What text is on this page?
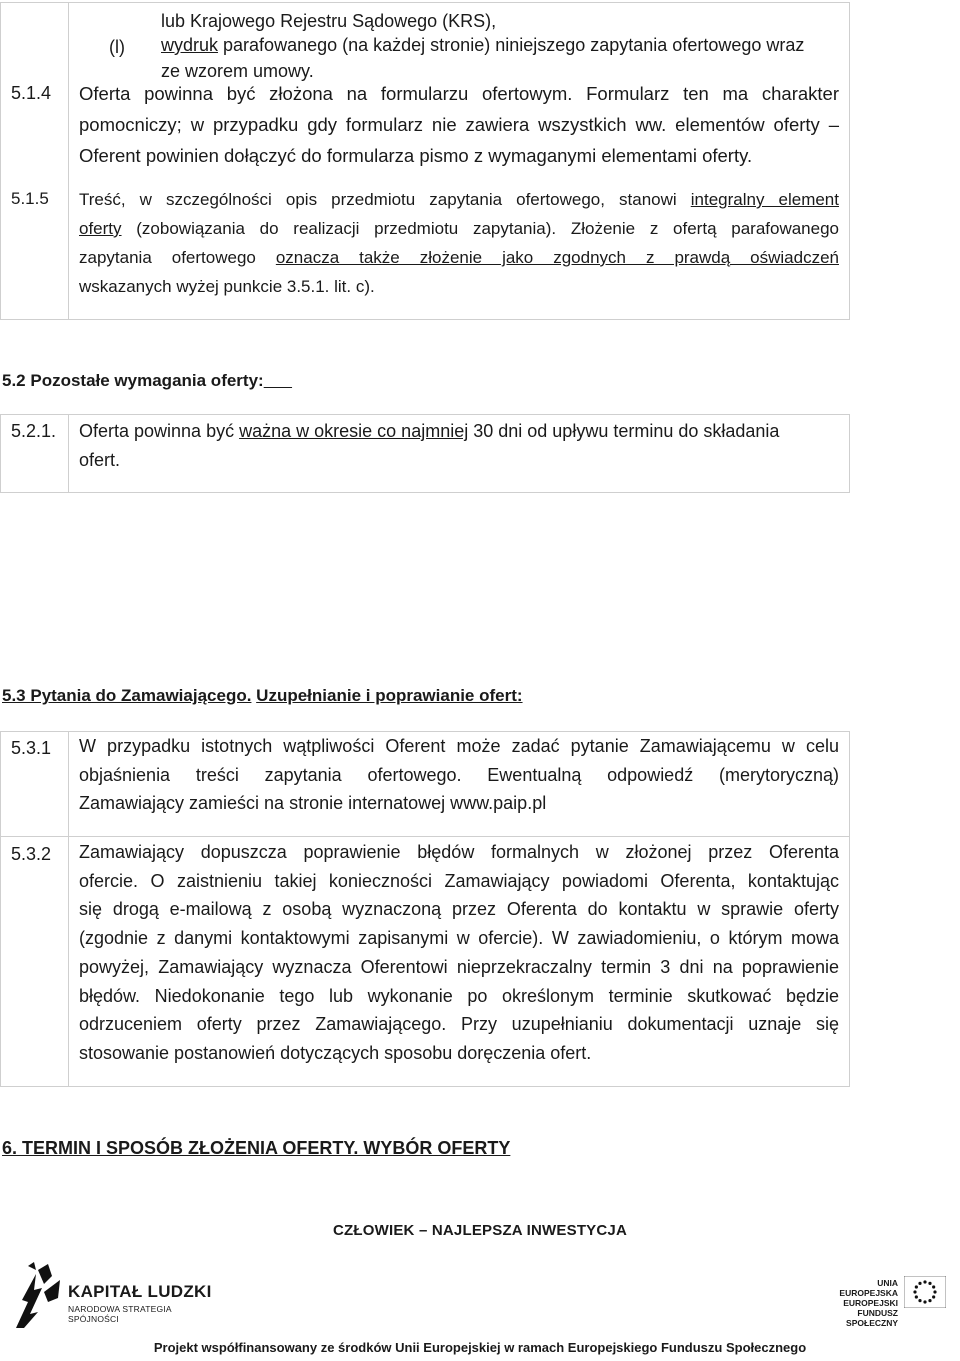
lub Krajowego Rejestru Sądowego (KRS),
(l) wydruk parafowanego (na każdej stronie) niniejszego zapytania ofertowego wraz
ze wzorem umowy.
5.1.4 Oferta powinna być złożona na formularzu ofertowym. Formularz ten ma charakter
pomocniczy; w przypadku gdy formularz nie zawiera wszystkich ww. elementów oferty –
Oferent powinien dołączyć do formularza pismo z wymaganymi elementami oferty.
5.1.5 Treść, w szczególności opis przedmiotu zapytania ofertowego, stanowi integralny element
oferty (zobowiązania do realizacji przedmiotu zapytania). Złożenie z ofertą parafowanego
zapytania ofertowego oznacza także złożenie jako zgodnych z prawdą oświadczeń
wskazanych wyżej punkcie 3.5.1. lit. c).
5.2 Pozostałe wymagania oferty:
5.2.1. Oferta powinna być ważna w okresie co najmniej 30 dni od upływu terminu do składania
ofert.
5.3 Pytania do Zamawiającego. Uzupełnianie i poprawianie ofert:
5.3.1 W przypadku istotnych wątpliwości Oferent może zadać pytanie Zamawiającemu w celu
objaśnienia treści zapytania ofertowego. Ewentualną odpowiedź (merytoryczną)
Zamawiający zamieści na stronie internatowej www.paip.pl
5.3.2 Zamawiający dopuszcza poprawienie błędów formalnych w złożonej przez Oferenta
ofercie. O zaistnieniu takiej konieczności Zamawiający powiadomi Oferenta, kontaktując
się drogą e-mailową z osobą wyznaczoną przez Oferenta do kontaktu w sprawie oferty
(zgodnie z danymi kontaktowymi zapisanymi w ofercie). W zawiadomieniu, o którym mowa
powyżej, Zamawiający wyznacza Oferentowi nieprzekraczalny termin 3 dni na poprawienie
błędów. Niedokonanie tego lub wykonanie po określonym terminie skutkować będzie
odrzuceniem oferty przez Zamawiającego. Przy uzupełnianiu dokumentacji uznaje się
stosowanie postanowień dotyczących sposobu doręczenia ofert.
6. TERMIN I SPOSÓB ZŁOŻENIA OFERTY. WYBÓR OFERTY
CZŁOWIEK – NAJLEPSZA INWESTYCJA
KAPITAŁ LUDZKI
NARODOWA STRATEGIA SPÓJNOŚCI
UNIA EUROPEJSKA
EUROPEJSKI
FUNDUSZ SPOŁECZNY
Projekt współfinansowany ze środków Unii Europejskiej w ramach Europejskiego Funduszu Społecznego
